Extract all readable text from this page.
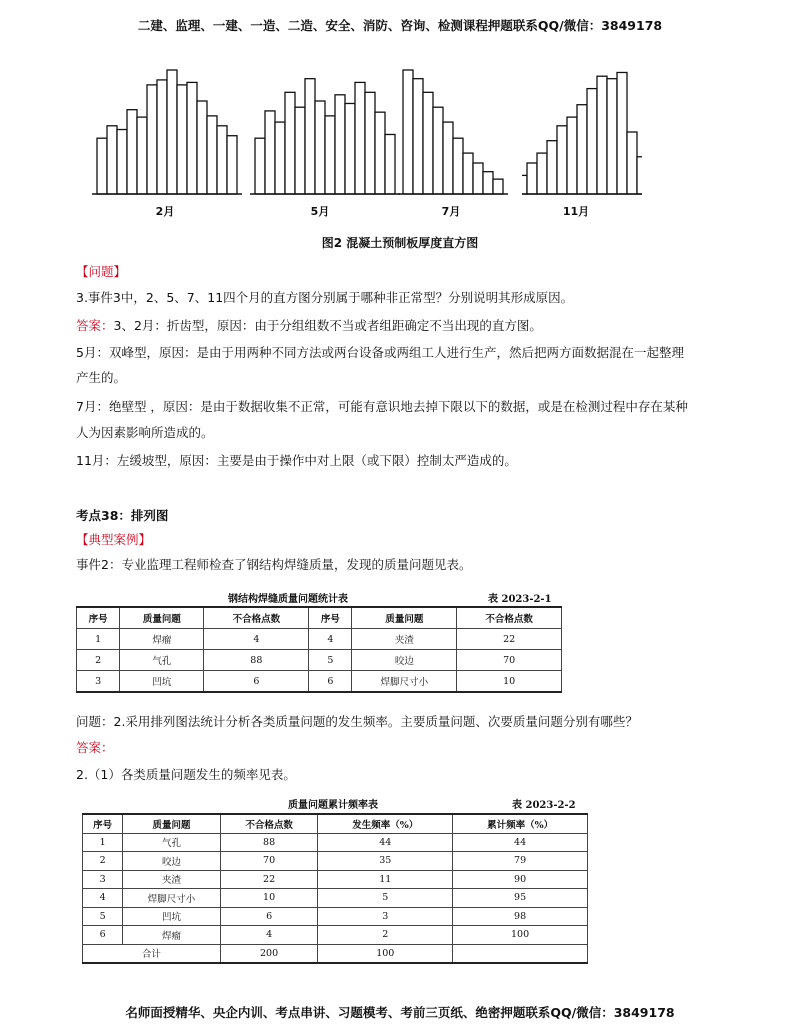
二建、监理、一建、一造、二造、安全、消防、咨询、检测课程押题联系QQ/微信：3849178
2月	5月	7月	11月
图2 混凝土预制板厚度直方图
【问题】
3.事件3中，2、5、7、11四个月的直方图分别属于哪种非正常型？分别说明其形成原因。
答案：3、2月：折齿型，原因：由于分组组数不当或者组距确定不当出现的直方图。
5月：双峰型，原因：是由于用两种不同方法或两台设备或两组工人进行生产，然后把两方面数据混在一起整理
产生的。
7月：绝壁型 ，原因：是由于数据收集不正常，可能有意识地去掉下限以下的数据，或是在检测过程中存在某种
人为因素影响所造成的。
11月：左缓坡型，原因：主要是由于操作中对上限（或下限）控制太严造成的。
考点38：排列图
【典型案例】
事件2：专业监理工程师检查了钢结构焊缝质量，发现的质量问题见表。
钢结构焊缝质量问题统计表	表 2023-2-1
序号	质量问题	不合格点数	序号	质量问题	不合格点数
1	焊瘤	4	4	夹渣	22
2	气孔	88	5	咬边	70
3	凹坑	6	6	焊脚尺寸小	10
问题：2.采用排列图法统计分析各类质量问题的发生频率。主要质量问题、次要质量问题分别有哪些？
答案：
2.（1）各类质量问题发生的频率见表。
质量问题累计频率表	表 2023-2-2
序号	质量问题	不合格点数	发生频率（%）	累计频率（%）
1	气孔	88	44	44
2	咬边	70	35	79
3	夹渣	22	11	90
4	焊脚尺寸小	10	5	95
5	凹坑	6	3	98
6	焊瘤	4	2	100
合计		200	100	
名师面授精华、央企内训、考点串讲、习题模考、考前三页纸、绝密押题联系QQ/微信：3849178
